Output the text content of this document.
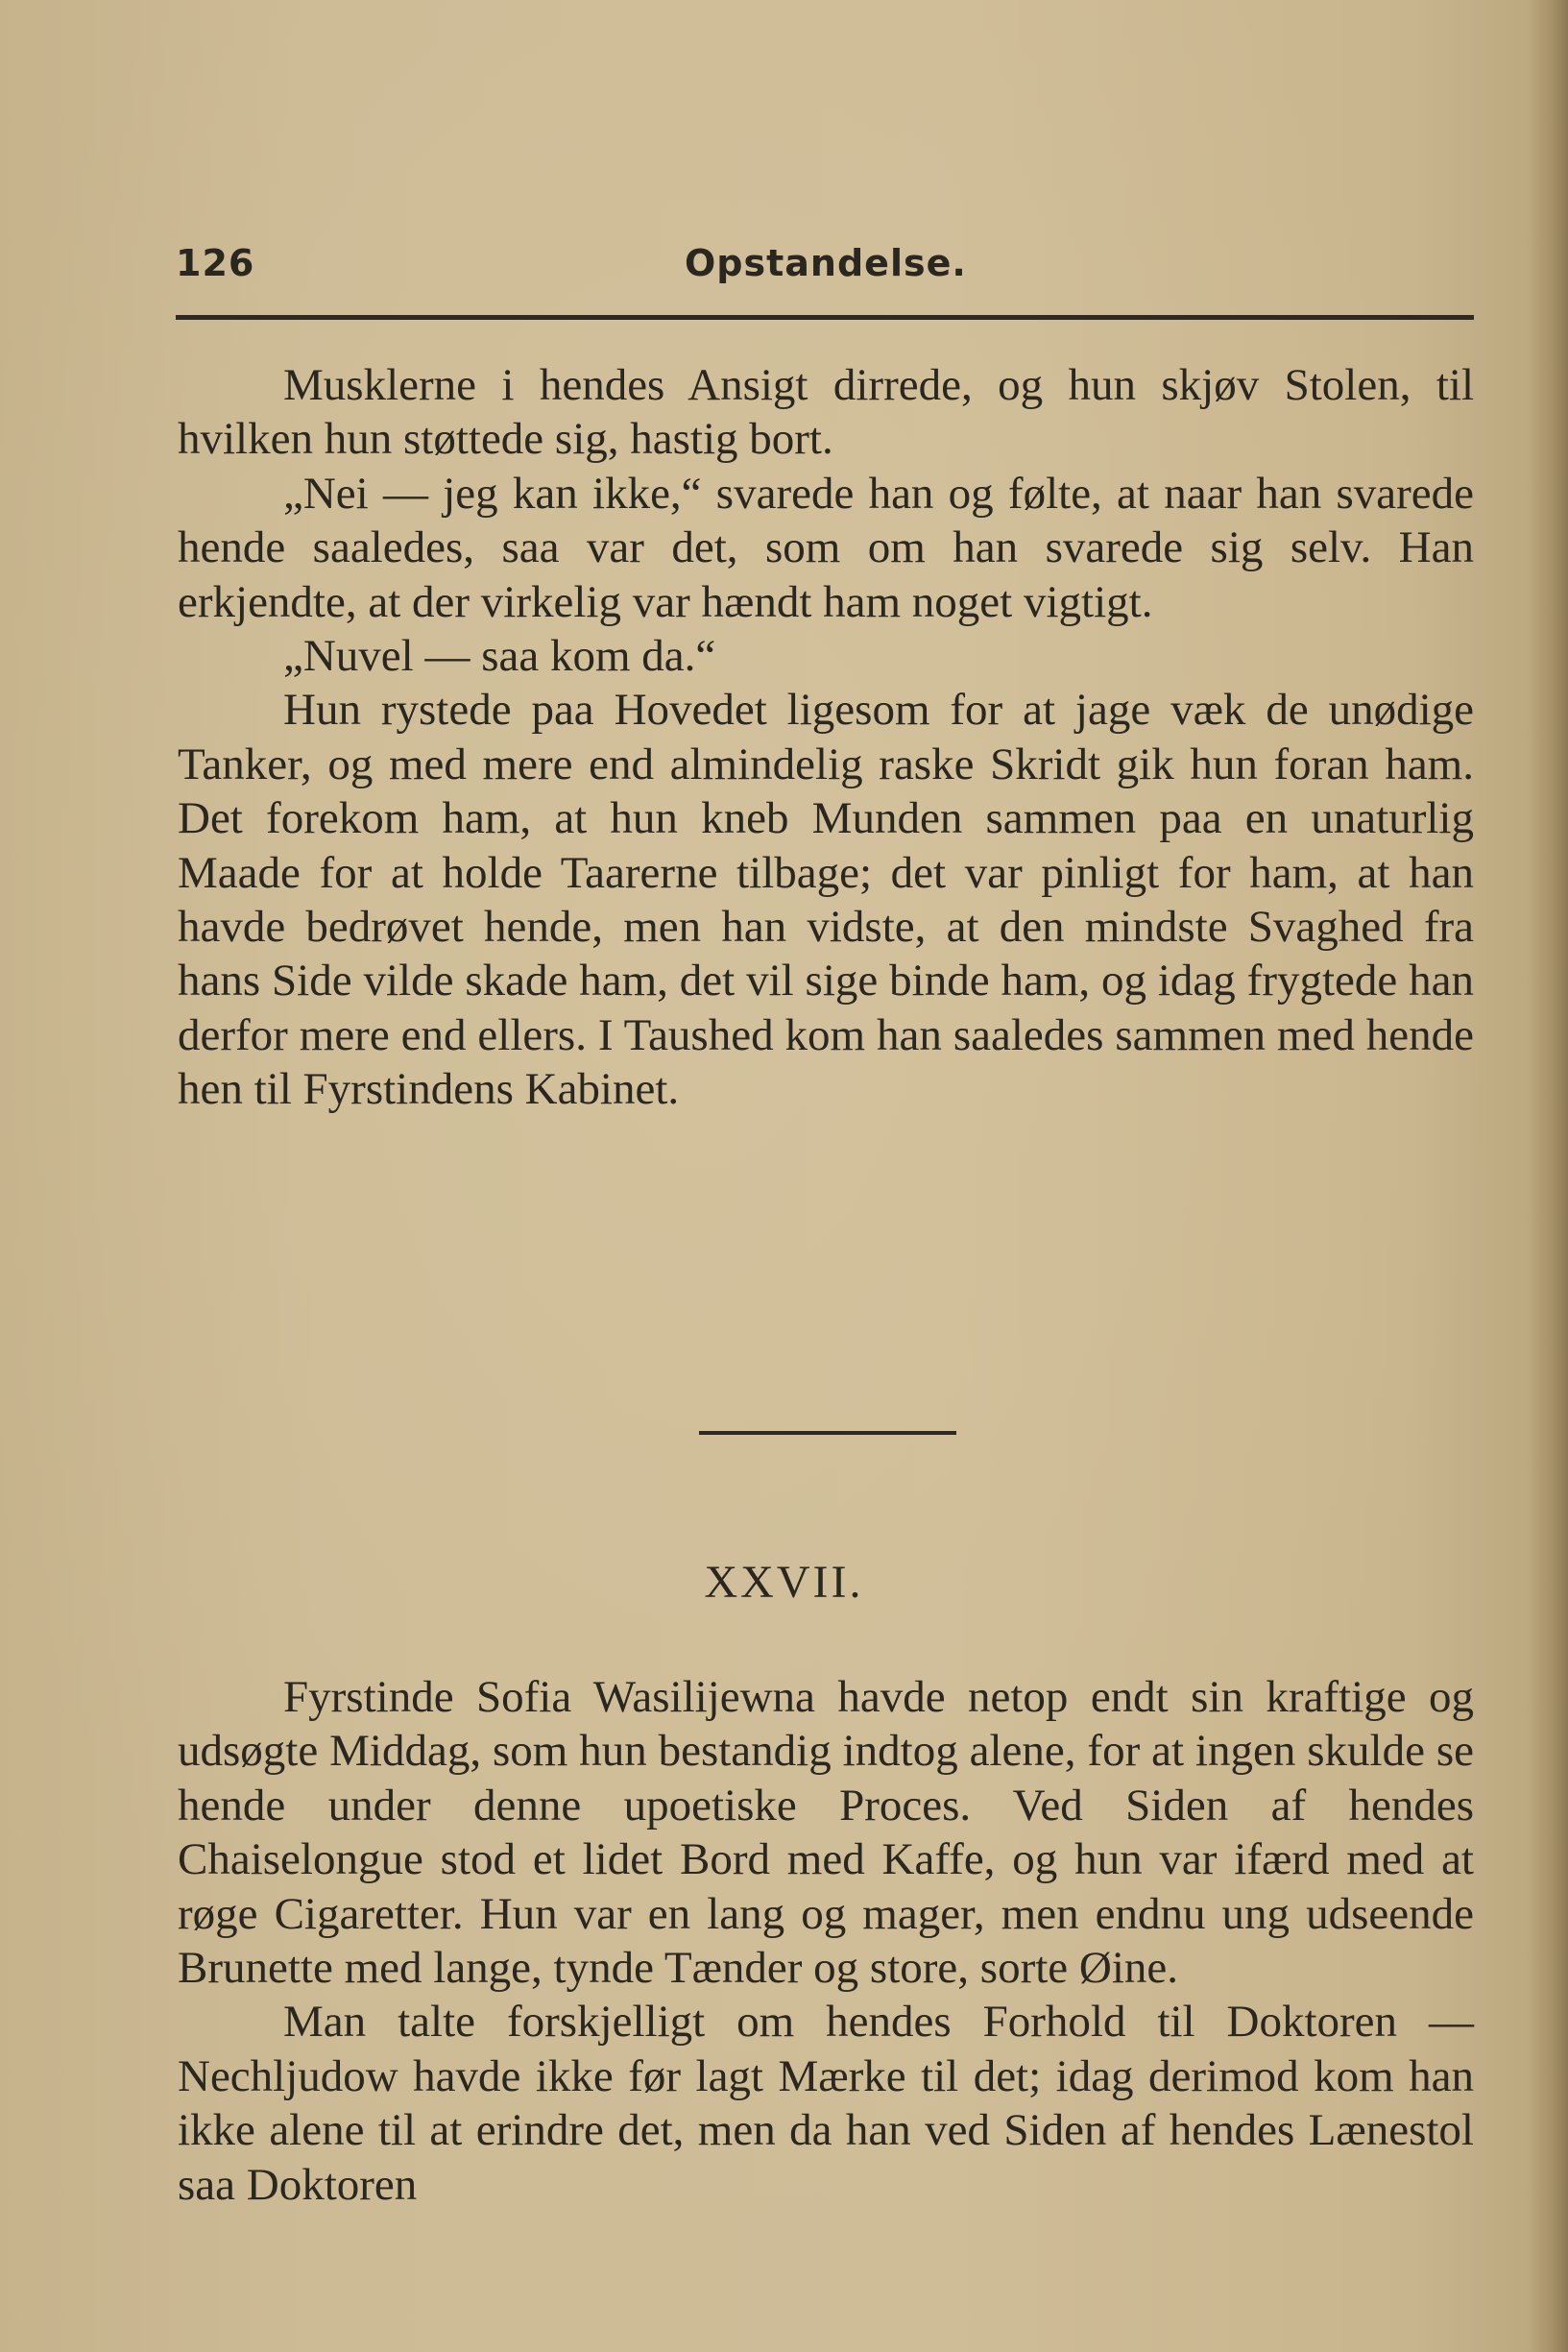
126	Opstandelse.

Musklerne i hendes Ansigt dirrede, og hun skjøv Stolen, til hvilken hun støttede sig, hastig bort.

„Nei — jeg kan ikke,“ svarede han og følte, at naar han svarede hende saaledes, saa var det, som om han svarede sig selv. Han erkjendte, at der virkelig var hændt ham noget vigtigt.

„Nuvel — saa kom da.“

Hun rystede paa Hovedet ligesom for at jage væk de unødige Tanker, og med mere end almindelig raske Skridt gik hun foran ham. Det forekom ham, at hun kneb Munden sammen paa en unaturlig Maade for at holde Taarerne tilbage; det var pinligt for ham, at han havde bedrøvet hende, men han vidste, at den mindste Svaghed fra hans Side vilde skade ham, det vil sige binde ham, og idag frygtede han derfor mere end ellers. I Taushed kom han saaledes sammen med hende hen til Fyrstindens Kabinet.

XXVII.

Fyrstinde Sofia Wasilijewna havde netop endt sin kraftige og udsøgte Middag, som hun bestandig indtog alene, for at ingen skulde se hende under denne upoetiske Proces. Ved Siden af hendes Chaiselongue stod et lidet Bord med Kaffe, og hun var ifærd med at røge Cigaretter. Hun var en lang og mager, men endnu ung udseende Brunette med lange, tynde Tænder og store, sorte Øine.

Man talte forskjelligt om hendes Forhold til Doktoren — Nechljudow havde ikke før lagt Mærke til det; idag derimod kom han ikke alene til at erindre det, men da han ved Siden af hendes Lænestol saa Doktoren
